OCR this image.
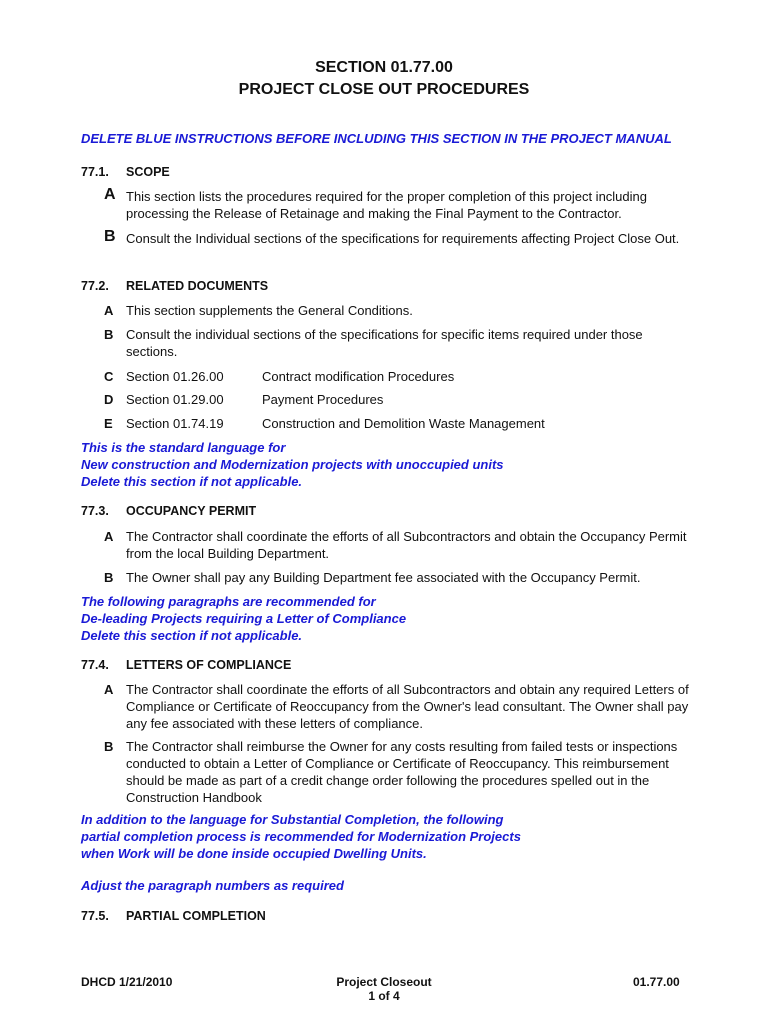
SECTION 01.77.00
PROJECT CLOSE OUT PROCEDURES

DELETE BLUE INSTRUCTIONS BEFORE INCLUDING THIS SECTION IN THE PROJECT MANUAL

77.1. SCOPE
A This section lists the procedures required for the proper completion of this project including processing the Release of Retainage and making the Final Payment to the Contractor.
B Consult the Individual sections of the specifications for requirements affecting Project Close Out.
77.2. RELATED DOCUMENTS
A This section supplements the General Conditions.
B Consult the individual sections of the specifications for specific items required under those sections.
C Section 01.26.00	Contract modification Procedures
D Section 01.29.00	Payment Procedures
E	Section 01.74.19	Construction and Demolition Waste Management
This is the standard language for
New construction and Modernization projects with unoccupied units
Delete this section if not applicable.
77.3. OCCUPANCY PERMIT
A The Contractor shall coordinate the efforts of all Subcontractors and obtain the Occupancy Permit from the local Building Department.
B The Owner shall pay any Building Department fee associated with the Occupancy Permit.
The following paragraphs are recommended for
De-leading Projects requiring a Letter of Compliance
Delete this section if not applicable.
77.4. LETTERS OF COMPLIANCE
A The Contractor shall coordinate the efforts of all Subcontractors and obtain any required Letters of Compliance or Certificate of Reoccupancy from the Owner's lead consultant. The Owner shall pay any fee associated with these letters of compliance.
B The Contractor shall reimburse the Owner for any costs resulting from failed tests or inspections conducted to obtain a Letter of Compliance or Certificate of Reoccupancy. This reimbursement should be made as part of a credit change order following the procedures spelled out in the Construction Handbook
In addition to the language for Substantial Completion, the following
partial completion process is recommended for Modernization Projects
when Work will be done inside occupied Dwelling Units.

Adjust the paragraph numbers as required

77.5. PARTIAL COMPLETION
DHCD 1/21/2010	Project Closeout
1 of 4
01.77.00
